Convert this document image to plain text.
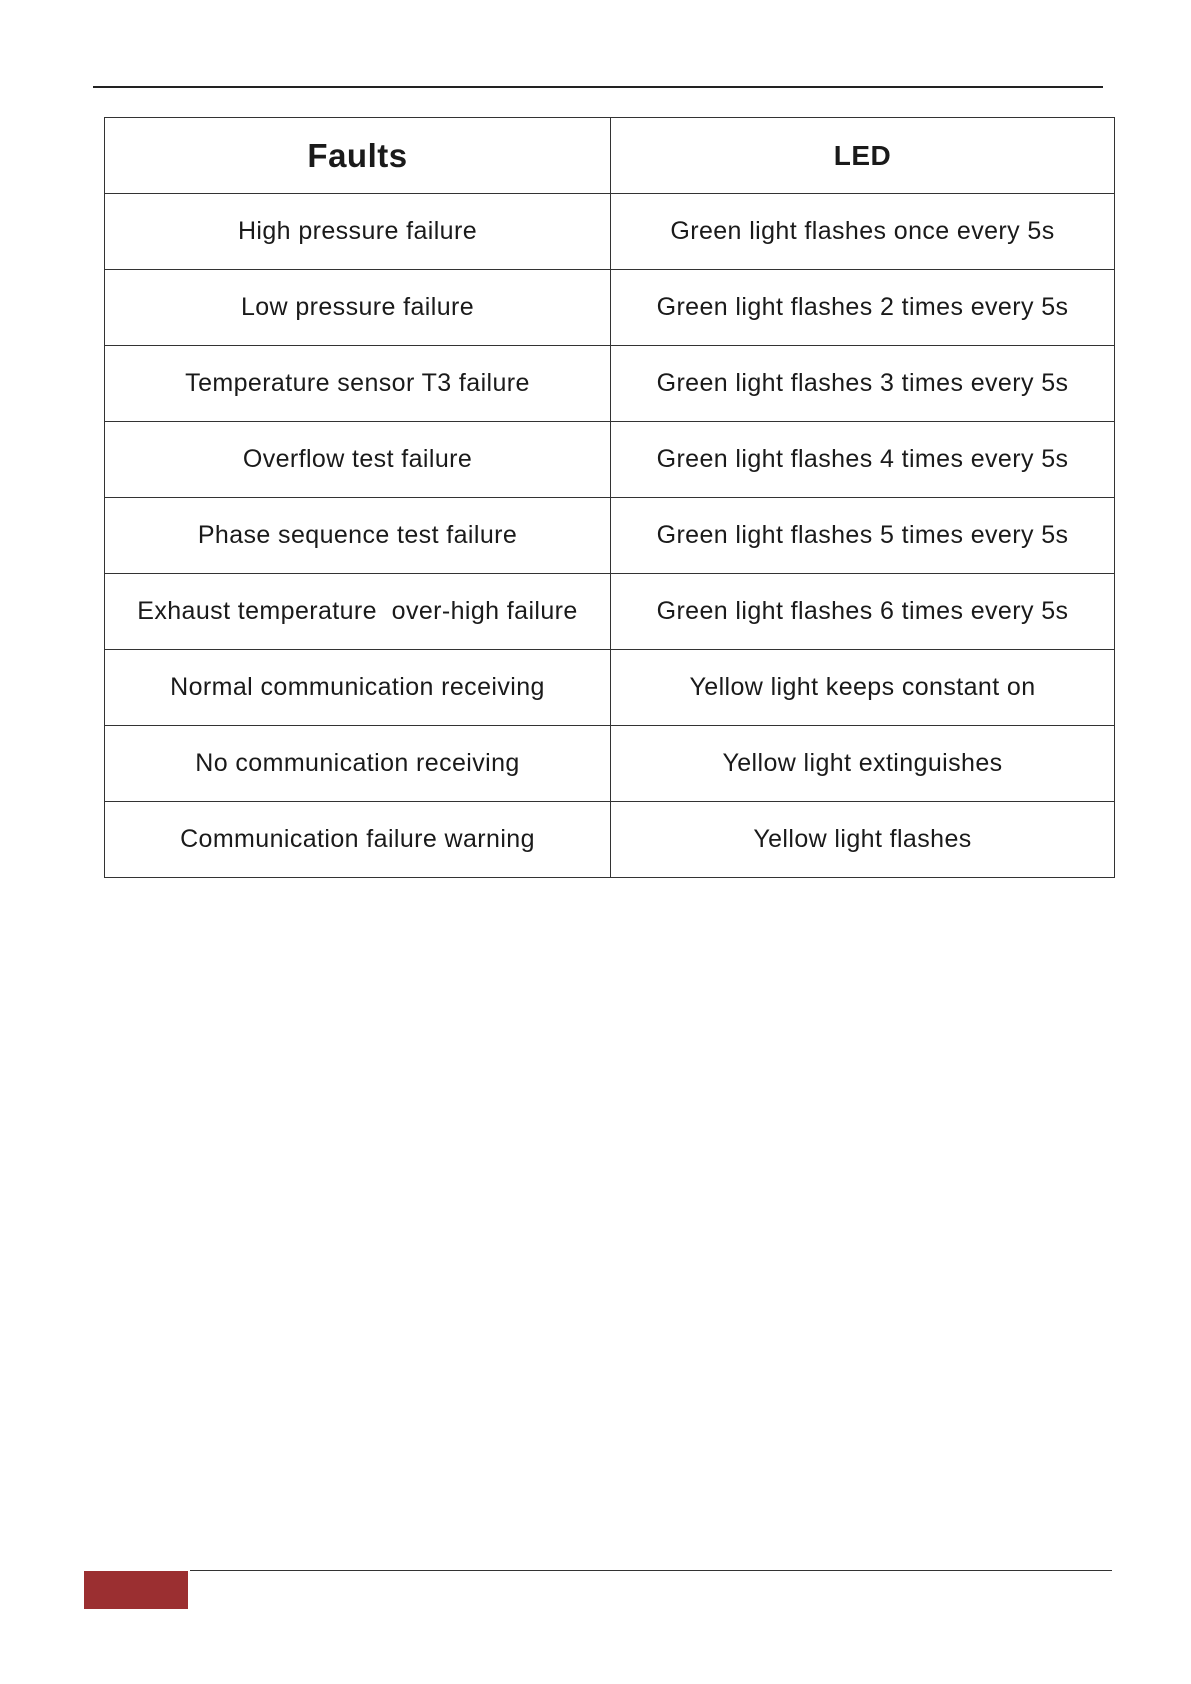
Faults	LED
High pressure failure	Green light flashes once every 5s
Low pressure failure	Green light flashes 2 times every 5s
Temperature sensor T3 failure	Green light flashes 3 times every 5s
Overflow test failure	Green light flashes 4 times every 5s
Phase sequence test failure	Green light flashes 5 times every 5s
Exhaust temperature  over-high failure	Green light flashes 6 times every 5s
Normal communication receiving	Yellow light keeps constant on
No communication receiving	Yellow light extinguishes
Communication failure warning	Yellow light flashes
